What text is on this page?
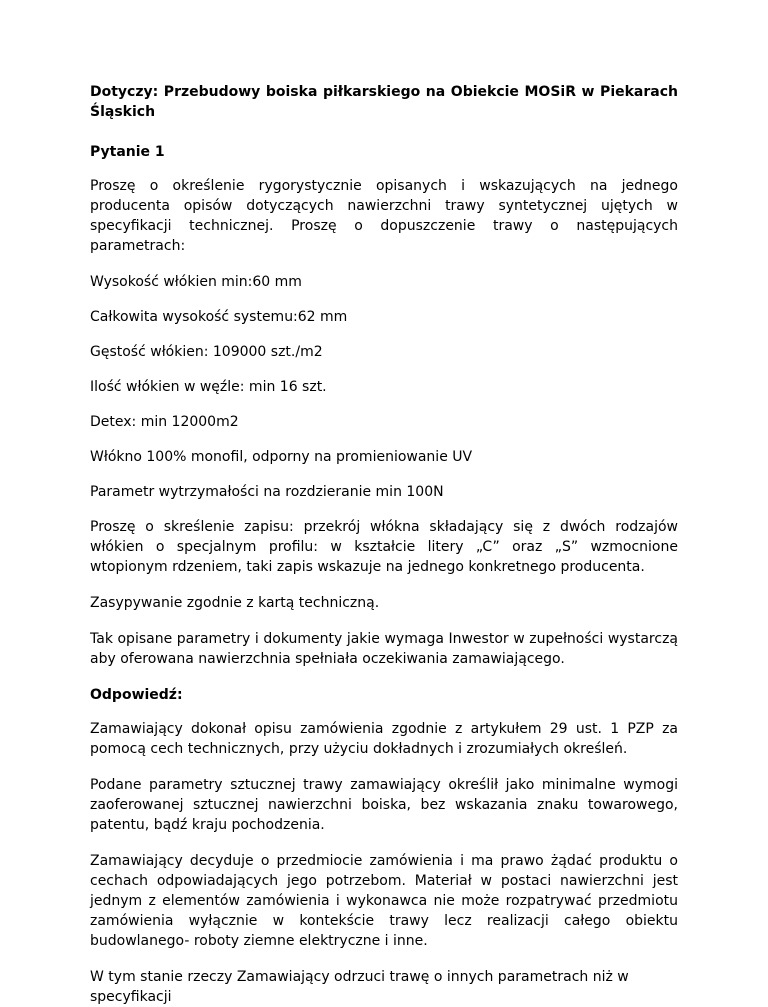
Dotyczy: Przebudowy boiska piłkarskiego na Obiekcie MOSiR w Piekarach Śląskich

Pytanie 1

Proszę o określenie rygorystycznie opisanych i wskazujących na jednego producenta opisów dotyczących nawierzchni trawy syntetycznej ujętych w specyfikacji technicznej. Proszę o dopuszczenie trawy o następujących parametrach:

Wysokość włókien min:60 mm

Całkowita wysokość systemu:62 mm

Gęstość włókien: 109000 szt./m2

Ilość włókien w węźle: min 16 szt.

Detex: min 12000m2

Włókno 100% monofil, odporny na promieniowanie UV

Parametr wytrzymałości na rozdzieranie min 100N

Proszę o skreślenie zapisu: przekrój włókna składający się z dwóch rodzajów włókien o specjalnym profilu: w kształcie litery „C” oraz „S” wzmocnione wtopionym rdzeniem, taki zapis wskazuje na jednego konkretnego producenta.

Zasypywanie zgodnie z kartą techniczną.

Tak opisane parametry i dokumenty jakie wymaga Inwestor w zupełności wystarczą aby oferowana nawierzchnia spełniała oczekiwania zamawiającego.

Odpowiedź:

Zamawiający dokonał opisu zamówienia zgodnie z artykułem 29 ust. 1 PZP za pomocą cech technicznych, przy użyciu dokładnych i zrozumiałych określeń.

Podane parametry sztucznej trawy zamawiający określił jako minimalne wymogi zaoferowanej sztucznej nawierzchni boiska, bez wskazania znaku towarowego, patentu, bądź kraju pochodzenia.

Zamawiający decyduje o przedmiocie zamówienia i ma prawo żądać produktu o cechach odpowiadających jego potrzebom. Materiał w postaci nawierzchni jest jednym z elementów zamówienia i wykonawca nie może rozpatrywać przedmiotu zamówienia wyłącznie w kontekście trawy lecz realizacji całego obiektu budowlanego- roboty ziemne elektryczne i inne.

W tym stanie rzeczy Zamawiający odrzuci trawę o innych parametrach niż w specyfikacji
